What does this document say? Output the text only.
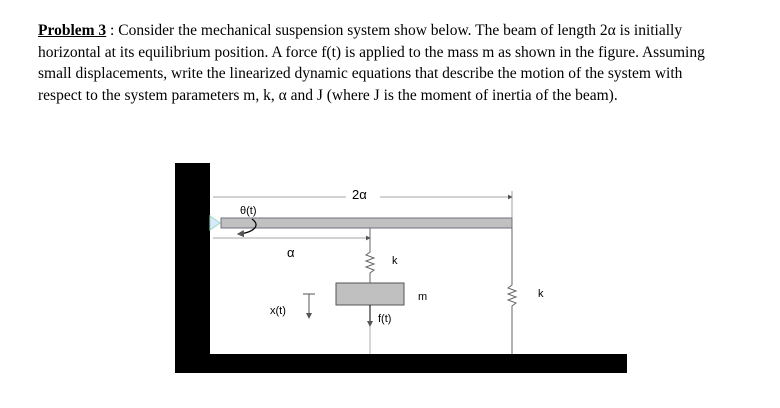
Problem 3 : Consider the mechanical suspension system show below. The beam of length 2α is initially horizontal at its equilibrium position. A force f(t) is applied to the mass m as shown in the figure. Assuming small displacements, write the linearized dynamic equations that describe the motion of the system with respect to the system parameters m, k, α and J (where J is the moment of inertia of the beam).

2α
θ(t)
α
k
m
f(t)
x(t)
k
